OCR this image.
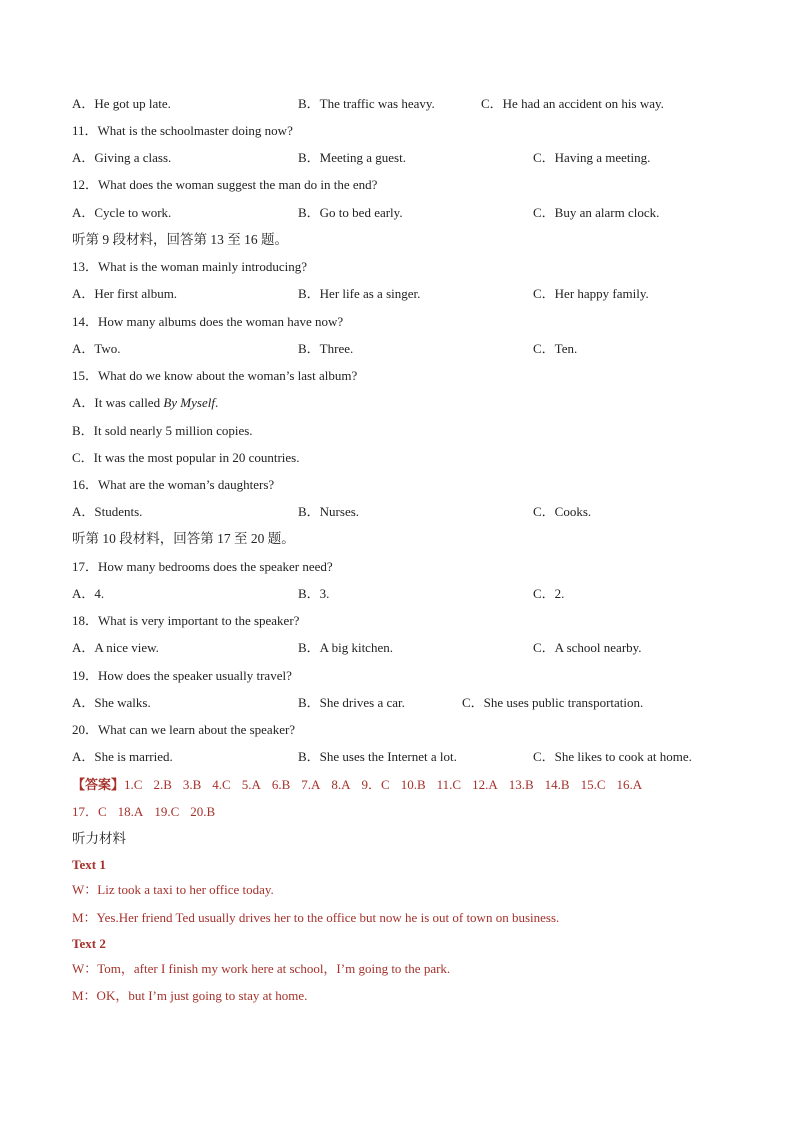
A．He got up late.	B．The traffic was heavy.	C．He had an accident on his way.
11．What is the schoolmaster doing now?
A．Giving a class.	B．Meeting a guest.	C．Having a meeting.
12．What does the woman suggest the man do in the end?
A．Cycle to work.	B．Go to bed early.	C．Buy an alarm clock.
听第 9 段材料，回答第 13 至 16 题。
13．What is the woman mainly introducing?
A．Her first album.	B．Her life as a singer.	C．Her happy family.
14．How many albums does the woman have now?
A．Two.	B．Three.	C．Ten.
15．What do we know about the woman’s last album?
A．It was called By Myself.
B．It sold nearly 5 million copies.
C．It was the most popular in 20 countries.
16．What are the woman’s daughters?
A．Students.	B．Nurses.	C．Cooks.
听第 10 段材料，回答第 17 至 20 题。
17．How many bedrooms does the speaker need?
A．4.	B．3.	C．2.
18．What is very important to the speaker?
A．A nice view.	B．A big kitchen.	C．A school nearby.
19．How does the speaker usually travel?
A．She walks.	B．She drives a car.	C．She uses public transportation.
20．What can we learn about the speaker?
A．She is married.	B．She uses the Internet a lot.	C．She likes to cook at home.
【答案】1.C 2.B 3.B 4.C 5.A 6.B 7.A 8.A 9．C 10.B 11.C 12.A 13.B 14.B 15.C 16.A
17．C 18.A 19.C 20.B
听力材料
Text 1
W：Liz took a taxi to her office today.
M：Yes.Her friend Ted usually drives her to the office but now he is out of town on business.
Text 2
W：Tom，after I finish my work here at school，I’m going to the park.
M：OK，but I’m just going to stay at home.
